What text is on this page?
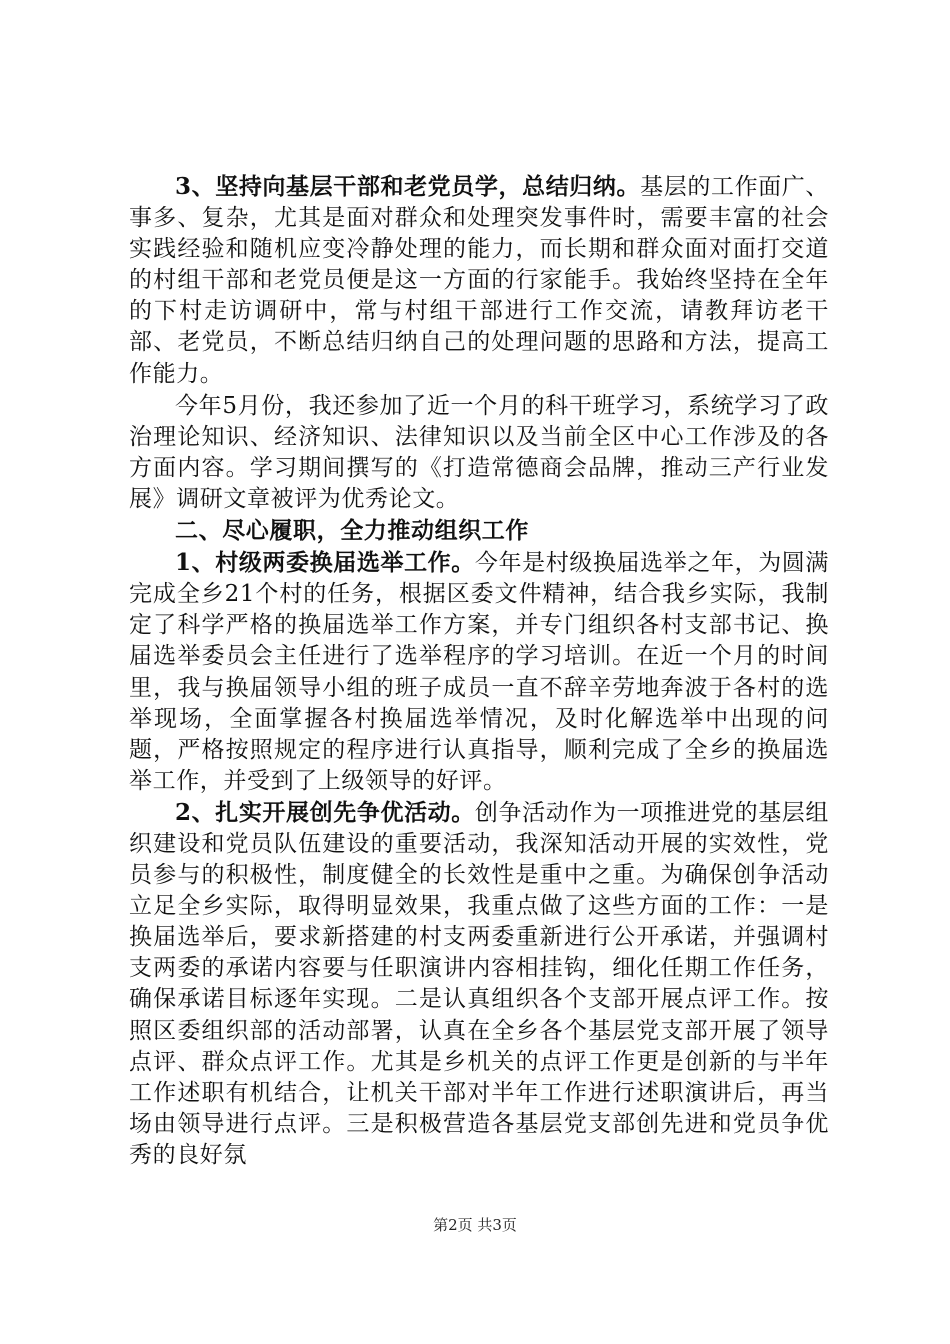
3、坚持向基层干部和老党员学，总结归纳。基层的工作面广、事多、复杂，尤其是面对群众和处理突发事件时，需要丰富的社会实践经验和随机应变冷静处理的能力，而长期和群众面对面打交道的村组干部和老党员便是这一方面的行家能手。我始终坚持在全年的下村走访调研中，常与村组干部进行工作交流，请教拜访老干部、老党员，不断总结归纳自己的处理问题的思路和方法，提高工作能力。

今年5月份，我还参加了近一个月的科干班学习，系统学习了政治理论知识、经济知识、法律知识以及当前全区中心工作涉及的各方面内容。学习期间撰写的《打造常德商会品牌，推动三产行业发展》调研文章被评为优秀论文。

二、尽心履职，全力推动组织工作

1、村级两委换届选举工作。今年是村级换届选举之年，为圆满完成全乡21个村的任务，根据区委文件精神，结合我乡实际，我制定了科学严格的换届选举工作方案，并专门组织各村支部书记、换届选举委员会主任进行了选举程序的学习培训。在近一个月的时间里，我与换届领导小组的班子成员一直不辞辛劳地奔波于各村的选举现场，全面掌握各村换届选举情况，及时化解选举中出现的问题，严格按照规定的程序进行认真指导，顺利完成了全乡的换届选举工作，并受到了上级领导的好评。

2、扎实开展创先争优活动。创争活动作为一项推进党的基层组织建设和党员队伍建设的重要活动，我深知活动开展的实效性，党员参与的积极性，制度健全的长效性是重中之重。为确保创争活动立足全乡实际，取得明显效果，我重点做了这些方面的工作：一是换届选举后，要求新搭建的村支两委重新进行公开承诺，并强调村支两委的承诺内容要与任职演讲内容相挂钩，细化任期工作任务，确保承诺目标逐年实现。二是认真组织各个支部开展点评工作。按照区委组织部的活动部署，认真在全乡各个基层党支部开展了领导点评、群众点评工作。尤其是乡机关的点评工作更是创新的与半年工作述职有机结合，让机关干部对半年工作进行述职演讲后，再当场由领导进行点评。三是积极营造各基层党支部创先进和党员争优秀的良好氛

第2页 共3页
